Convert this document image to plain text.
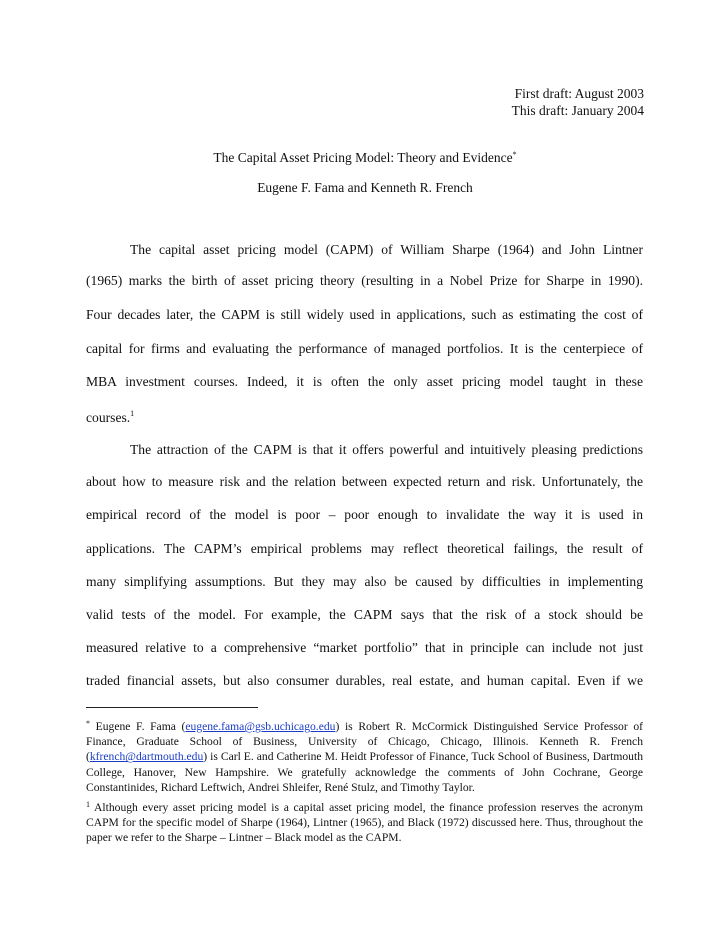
First draft: August 2003
This draft: January 2004
The Capital Asset Pricing Model: Theory and Evidence*
Eugene F. Fama and Kenneth R. French
The capital asset pricing model (CAPM) of William Sharpe (1964) and John Lintner
(1965) marks the birth of asset pricing theory (resulting in a Nobel Prize for Sharpe in 1990).
Four decades later, the CAPM is still widely used in applications, such as estimating the cost of
capital for firms and evaluating the performance of managed portfolios. It is the centerpiece of
MBA investment courses. Indeed, it is often the only asset pricing model taught in these
courses.$^1$
The attraction of the CAPM is that it offers powerful and intuitively pleasing predictions
about how to measure risk and the relation between expected return and risk. Unfortunately, the
empirical record of the model is poor – poor enough to invalidate the way it is used in
applications. The CAPM’s empirical problems may reflect theoretical failings, the result of
many simplifying assumptions. But they may also be caused by difficulties in implementing
valid tests of the model. For example, the CAPM says that the risk of a stock should be
measured relative to a comprehensive “market portfolio” that in principle can include not just
traded financial assets, but also consumer durables, real estate, and human capital. Even if we
* Eugene F. Fama (eugene.fama@gsb.uchicago.edu) is Robert R. McCormick Distinguished Service Professor of Finance, Graduate School of Business, University of Chicago, Chicago, Illinois. Kenneth R. French (kfrench@dartmouth.edu) is Carl E. and Catherine M. Heidt Professor of Finance, Tuck School of Business, Dartmouth College, Hanover, New Hampshire. We gratefully acknowledge the comments of John Cochrane, George Constantinides, Richard Leftwich, Andrei Shleifer, René Stulz, and Timothy Taylor.
$^1$ Although every asset pricing model is a capital asset pricing model, the finance profession reserves the acronym CAPM for the specific model of Sharpe (1964), Lintner (1965), and Black (1972) discussed here. Thus, throughout the paper we refer to the Sharpe – Lintner – Black model as the CAPM.
